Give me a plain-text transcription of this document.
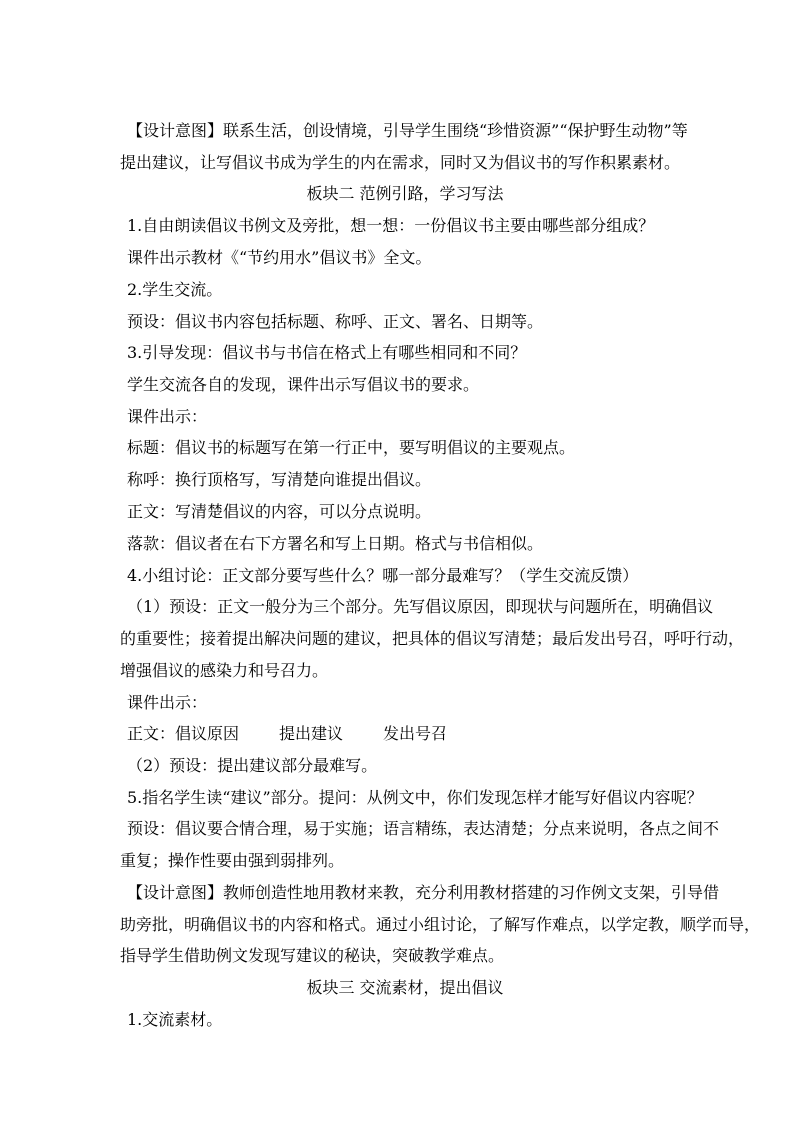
【设计意图】联系生活，创设情境，引导学生围绕“珍惜资源”“保护野生动物”等
提出建议，让写倡议书成为学生的内在需求，同时又为倡议书的写作积累素材。
板块二 范例引路，学习写法
1.自由朗读倡议书例文及旁批，想一想：一份倡议书主要由哪些部分组成？
课件出示教材《“节约用水”倡议书》全文。
2.学生交流。
预设：倡议书内容包括标题、称呼、正文、署名、日期等。
3.引导发现：倡议书与书信在格式上有哪些相同和不同？
学生交流各自的发现，课件出示写倡议书的要求。
课件出示：
标题：倡议书的标题写在第一行正中，要写明倡议的主要观点。
称呼：换行顶格写，写清楚向谁提出倡议。
正文：写清楚倡议的内容，可以分点说明。
落款：倡议者在右下方署名和写上日期。格式与书信相似。
4.小组讨论：正文部分要写些什么？哪一部分最难写？（学生交流反馈）
（1）预设：正文一般分为三个部分。先写倡议原因，即现状与问题所在，明确倡议
的重要性；接着提出解决问题的建议，把具体的倡议写清楚；最后发出号召，呼吁行动，
增强倡议的感染力和号召力。
课件出示：
正文：倡议原因	提出建议	发出号召
（2）预设：提出建议部分最难写。
5.指名学生读“建议”部分。提问：从例文中，你们发现怎样才能写好倡议内容呢？
预设：倡议要合情合理，易于实施；语言精练，表达清楚；分点来说明，各点之间不
重复；操作性要由强到弱排列。
【设计意图】教师创造性地用教材来教，充分利用教材搭建的习作例文支架，引导借
助旁批，明确倡议书的内容和格式。通过小组讨论，了解写作难点，以学定教，顺学而导，
指导学生借助例文发现写建议的秘诀，突破教学难点。
板块三 交流素材，提出倡议
1.交流素材。
